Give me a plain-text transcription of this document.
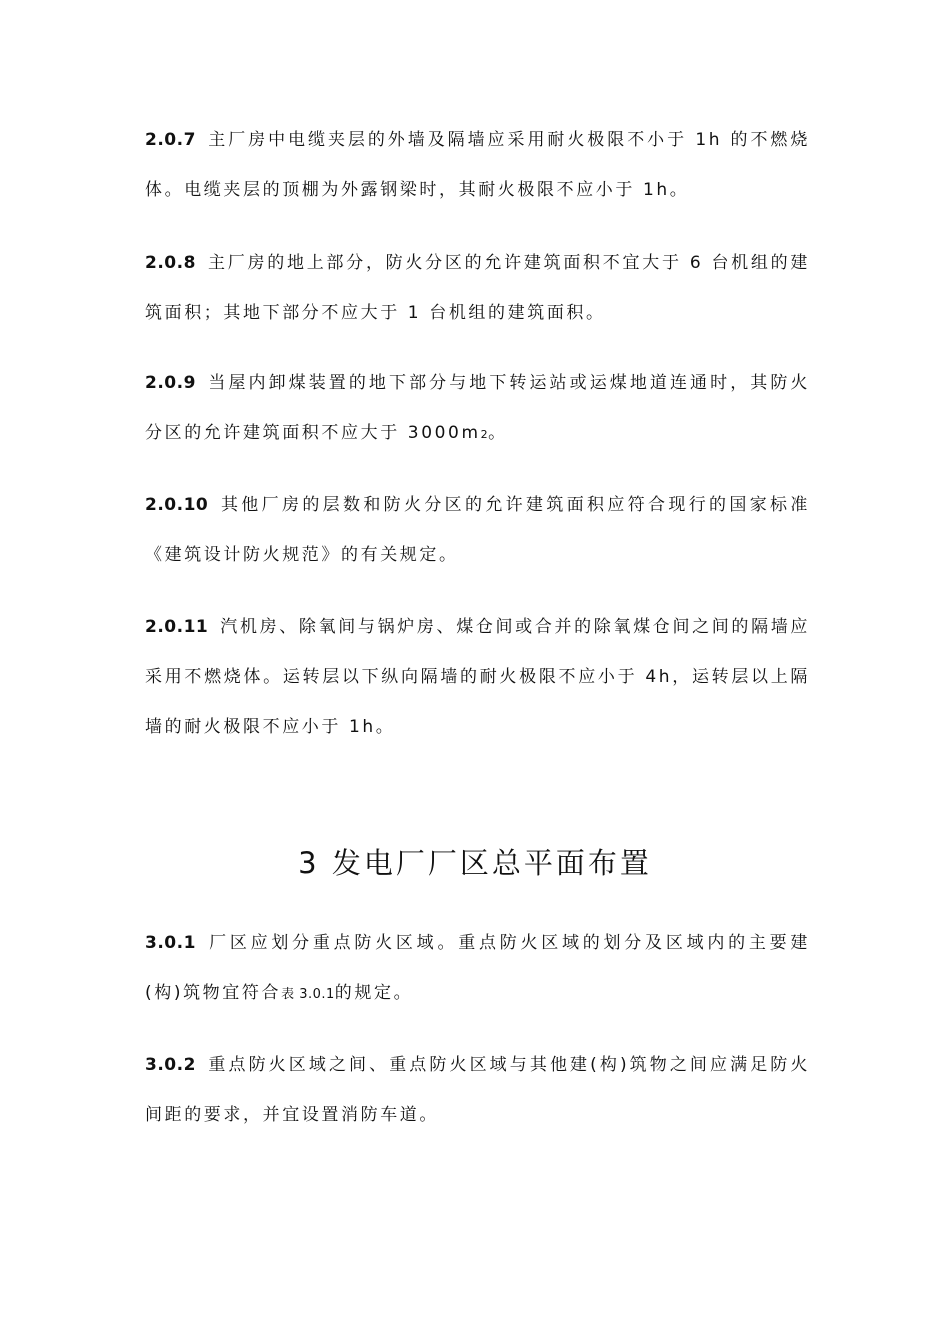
2.0.7 主厂房中电缆夹层的外墙及隔墙应采用耐火极限不小于 1h 的不燃烧体。电缆夹层的顶棚为外露钢梁时，其耐火极限不应小于 1h。

2.0.8 主厂房的地上部分，防火分区的允许建筑面积不宜大于 6 台机组的建筑面积；其地下部分不应大于 1 台机组的建筑面积。

2.0.9 当屋内卸煤装置的地下部分与地下转运站或运煤地道连通时，其防火分区的允许建筑面积不应大于 3000m2。

2.0.10 其他厂房的层数和防火分区的允许建筑面积应符合现行的国家标准《建筑设计防火规范》的有关规定。

2.0.11 汽机房、除氧间与锅炉房、煤仓间或合并的除氧煤仓间之间的隔墙应采用不燃烧体。运转层以下纵向隔墙的耐火极限不应小于 4h，运转层以上隔墙的耐火极限不应小于 1h。

3 发电厂厂区总平面布置

3.0.1 厂区应划分重点防火区域。重点防火区域的划分及区域内的主要建(构)筑物宜符合表 3.0.1的规定。

3.0.2 重点防火区域之间、重点防火区域与其他建(构)筑物之间应满足防火间距的要求，并宜设置消防车道。
